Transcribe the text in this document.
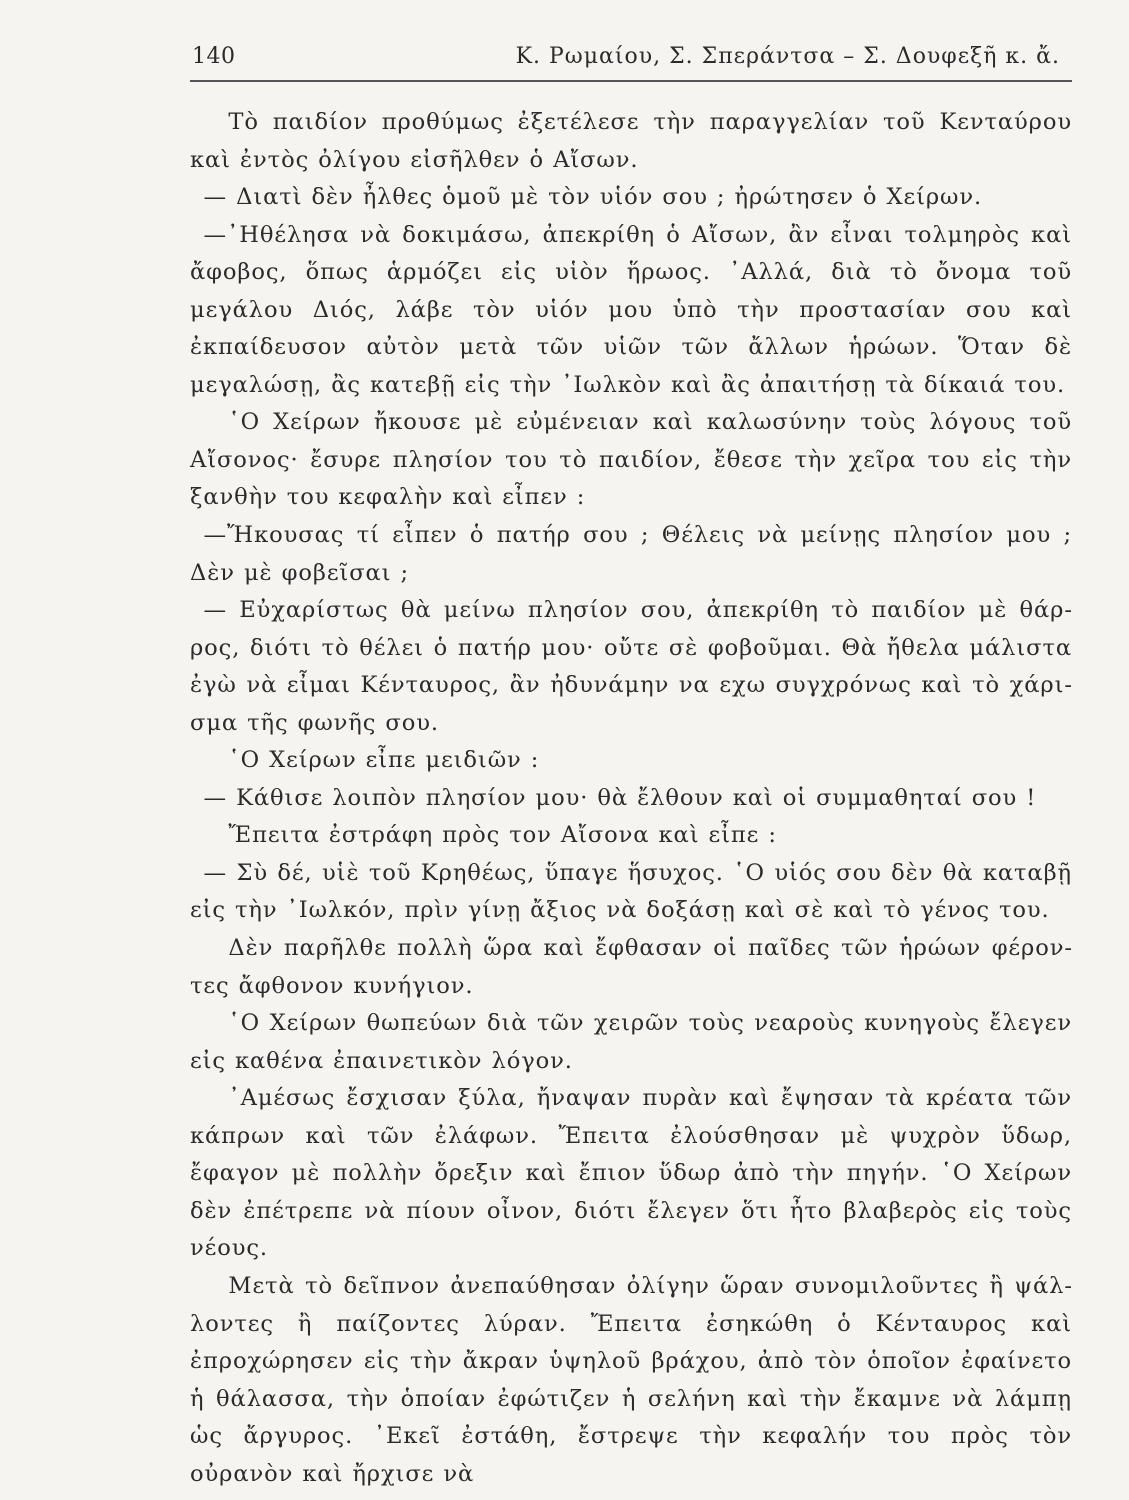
140	Κ. Ρωμαίου, Σ. Σπεράντσα – Σ. Δουφεξῆ κ. ἄ.

Τὸ παιδίον προθύμως ἐξετέλεσε τὴν παραγγελίαν τοῦ Κενταύρου καὶ ἐντὸς ὀλίγου εἰσῆλθεν ὁ Αἴσων.

— Διατὶ δὲν ἦλθες ὁμοῦ μὲ τὸν υἱόν σου ; ἠρώτησεν ὁ Χείρων.

—᾿Ηθέλησα νὰ δοκιμάσω, ἀπεκρίθη ὁ Αἴσων, ἂν εἶναι τολμηρὸς καὶ ἄφοβος, ὅπως ἁρμόζει εἰς υἱὸν ἥρωος. ᾿Αλλά, διὰ τὸ ὄνομα τοῦ μεγάλου Διός, λάβε τὸν υἱόν μου ὑπὸ τὴν προστασίαν σου καὶ ἐκπαίδευσον αὐτὸν μετὰ τῶν υἱῶν τῶν ἄλλων ἡρώων. Ὅταν δὲ μεγαλώσῃ, ἂς κατεβῇ εἰς τὴν ᾿Ιωλκὸν καὶ ἂς ἀπαιτήσῃ τὰ δίκαιά του.

῾Ο Χείρων ἤκουσε μὲ εὐμένειαν καὶ καλωσύνην τοὺς λόγους τοῦ Αἴσονος· ἔσυρε πλησίον του τὸ παιδίον, ἔθεσε τὴν χεῖρα του εἰς τὴν ξανθὴν του κεφαλὴν καὶ εἶπεν :

—Ἤκουσας τί εἶπεν ὁ πατήρ σου ; Θέλεις νὰ μείνῃς πλησίον μου ; Δὲν μὲ φοβεῖσαι ;

— Εὐχαρίστως θὰ μείνω πλησίον σου, ἀπεκρίθη τὸ παιδίον μὲ θάρρος, διότι τὸ θέλει ὁ πατήρ μου· οὔτε σὲ φοβοῦμαι. Θὰ ἤθελα μάλιστα ἐγὼ νὰ εἶμαι Κένταυρος, ἂν ἠδυνάμην να εχω συγχρόνως καὶ τὸ χάρισμα τῆς φωνῆς σου.

῾Ο Χείρων εἶπε μειδιῶν :

— Κάθισε λοιπὸν πλησίον μου· θὰ ἔλθουν καὶ οἱ συμμαθηταί σου !

Ἔπειτα ἐστράφη πρὸς τον Αἴσονα καὶ εἶπε :

— Σὺ δέ, υἱὲ τοῦ Κρηθέως, ὕπαγε ἥσυχος. ῾Ο υἱός σου δὲν θὰ καταβῇ εἰς τὴν ᾿Ιωλκόν, πρὶν γίνῃ ἄξιος νὰ δοξάσῃ καὶ σὲ καὶ τὸ γένος του.

Δὲν παρῆλθε πολλὴ ὥρα καὶ ἔφθασαν οἱ παῖδες τῶν ἡρώων φέροντες ἄφθονον κυνήγιον.

῾Ο Χείρων θωπεύων διὰ τῶν χειρῶν τοὺς νεαροὺς κυνηγοὺς ἔλεγεν εἰς καθένα ἐπαινετικὸν λόγον.

᾿Αμέσως ἔσχισαν ξύλα, ἤναψαν πυρὰν καὶ ἔψησαν τὰ κρέατα τῶν κάπρων καὶ τῶν ἐλάφων. Ἔπειτα ἐλούσθησαν μὲ ψυχρὸν ὕδωρ, ἔφαγον μὲ πολλὴν ὄρεξιν καὶ ἔπιον ὕδωρ ἀπὸ τὴν πηγήν. ῾Ο Χείρων δὲν ἐπέτρεπε νὰ πίουν οἶνον, διότι ἔλεγεν ὅτι ἦτο βλαβερὸς εἰς τοὺς νέους.

Μετὰ τὸ δεῖπνον ἀνεπαύθησαν ὀλίγην ὥραν συνομιλοῦντες ἢ ψάλλοντες ἢ παίζοντες λύραν. Ἔπειτα ἐσηκώθη ὁ Κένταυρος καὶ ἐπροχώρησεν εἰς τὴν ἄκραν ὑψηλοῦ βράχου, ἀπὸ τὸν ὁποῖον ἐφαίνετο ἡ θάλασσα, τὴν ὁποίαν ἐφώτιζεν ἡ σελήνη καὶ τὴν ἔκαμνε νὰ λάμπῃ ὡς ἄργυρος. ᾿Εκεῖ ἐστάθη, ἔστρεψε τὴν κεφαλήν του πρὸς τὸν οὐρανὸν καὶ ἤρχισε νὰ
